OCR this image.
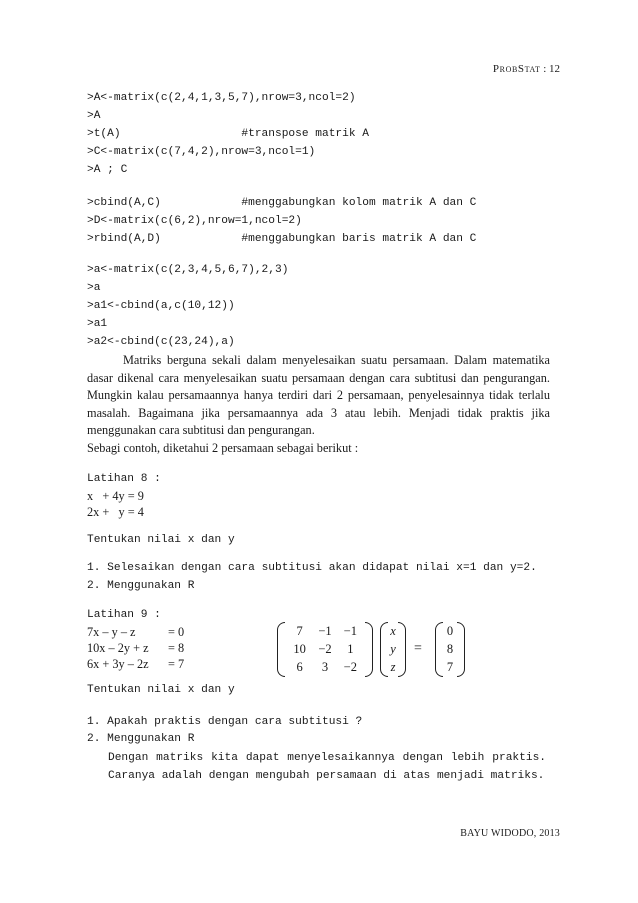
ProbStat : 12
>A<-matrix(c(2,4,1,3,5,7),nrow=3,ncol=2)
>A
>t(A)                  #transpose matrik A
>C<-matrix(c(7,4,2),nrow=3,ncol=1)
>A ; C
>cbind(A,C)            #menggabungkan kolom matrik A dan C
>D<-matrix(c(6,2),nrow=1,ncol=2)
>rbind(A,D)            #menggabungkan baris matrik A dan C
>a<-matrix(c(2,3,4,5,6,7),2,3)
>a
>a1<-cbind(a,c(10,12))
>a1
>a2<-cbind(c(23,24),a)

Matriks berguna sekali dalam menyelesaikan suatu persamaan. Dalam matematika dasar dikenal cara menyelesaikan suatu persamaan dengan cara subtitusi dan pengurangan. Mungkin kalau persamaannya hanya terdiri dari 2 persamaan, penyelesainnya tidak terlalu masalah. Bagaimana jika persamaannya ada 3 atau lebih. Menjadi tidak praktis jika menggunakan cara subtitusi dan pengurangan.

Sebagi contoh, diketahui 2 persamaan sebagai berikut :

Latihan 8 :
x   + 4y = 9
2x +   y = 4
Tentukan nilai x dan y
1. Selesaikan dengan cara subtitusi akan didapat nilai x=1 dan y=2.
2. Menggunakan R
Latihan 9 :
7x – y – z	= 0
10x – 2y + z = 8
6x + 3y – 2z = 7
7	−1 −1
10 −2	1
6	3	−2
x
y
z
=
0
8
7
Tentukan nilai x dan y
1. Apakah praktis dengan cara subtitusi ?
2. Menggunakan R
Dengan matriks kita dapat menyelesaikannya dengan lebih praktis. Caranya adalah dengan mengubah persamaan di atas menjadi matriks.
BAYU WIDODO, 2013
